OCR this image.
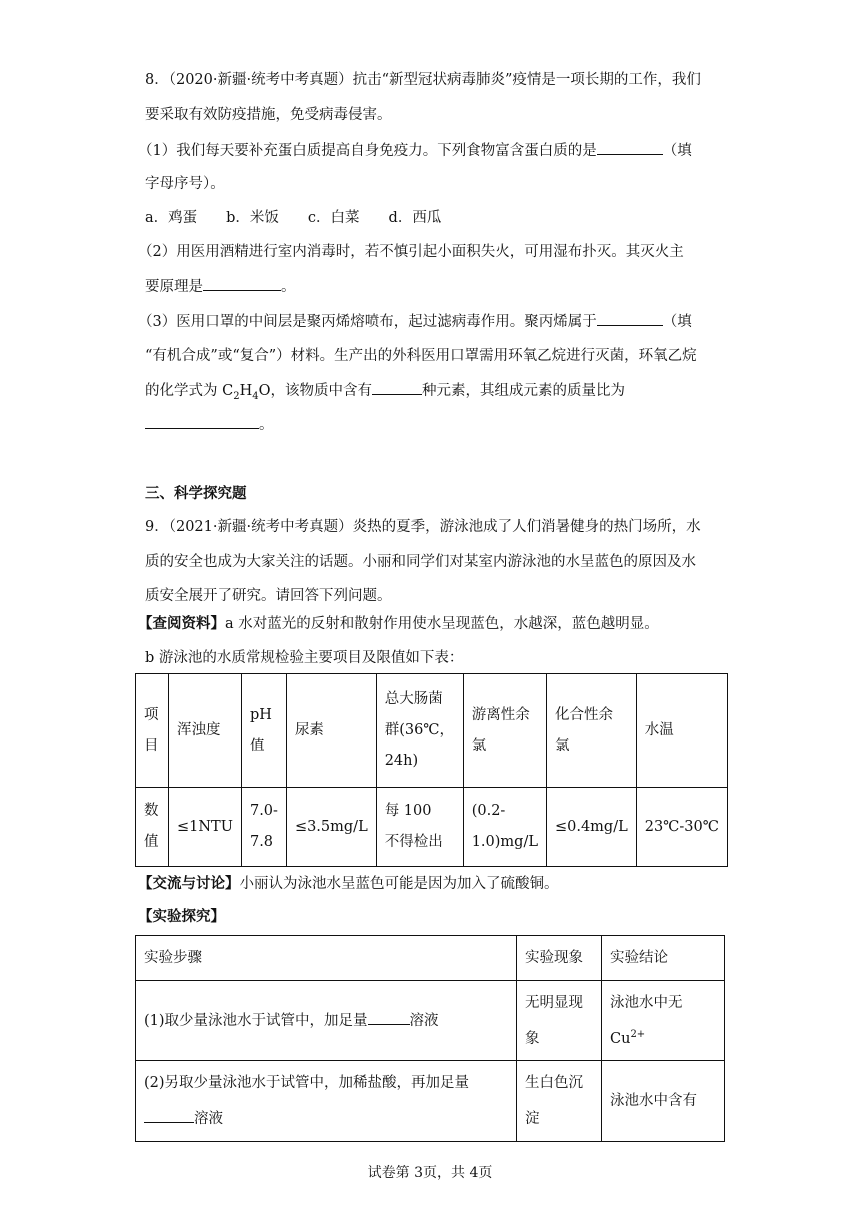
8．（2020·新疆·统考中考真题）抗击“新型冠状病毒肺炎”疫情是一项长期的工作，我们
要采取有效防疫措施，免受病毒侵害。
（1）我们每天要补充蛋白质提高自身免疫力。下列食物富含蛋白质的是	（填
字母序号）。
a．鸡蛋　　b．米饭　　c．白菜　　d．西瓜
（2）用医用酒精进行室内消毒时，若不慎引起小面积失火，可用湿布扑灭。其灭火主
要原理是	。
（3）医用口罩的中间层是聚丙烯熔喷布，起过滤病毒作用。聚丙烯属于	（填
“有机合成”或“复合”）材料。生产出的外科医用口罩需用环氧乙烷进行灭菌，环氧乙烷
的化学式为 $C_2H_4O$，该物质中含有	种元素，其组成元素的质量比为
。
三、科学探究题
9．（2021·新疆·统考中考真题）炎热的夏季，游泳池成了人们消暑健身的热门场所，水
质的安全也成为大家关注的话题。小丽和同学们对某室内游泳池的水呈蓝色的原因及水
质安全展开了研究。请回答下列问题。
【查阅资料】a 水对蓝光的反射和散射作用使水呈现蓝色，水越深，蓝色越明显。
b 游泳池的水质常规检验主要项目及限值如下表：
项目	浑浊度	pH 值	尿素	总大肠菌群(36℃，24h)	游离性余氯	化合性余氯	水温

数值	≤1NTU	7.0-7.8	≤3.5mg/L	每 100 不得检出	(0.2-1.0)mg/L	≤0.4mg/L	23℃-30℃
【交流与讨论】小丽认为泳池水呈蓝色可能是因为加入了硫酸铜。
【实验探究】
实验步骤	实验现象	实验结论
(1)取少量泳池水于试管中，加足量 溶液	无明显现象	泳池水中无 $Cu^{2+}$

(2)另取少量泳池水于试管中，加稀盐酸，再加足量
溶液	生白色沉淀	泳池水中含有
试卷第 3页，共 4页
